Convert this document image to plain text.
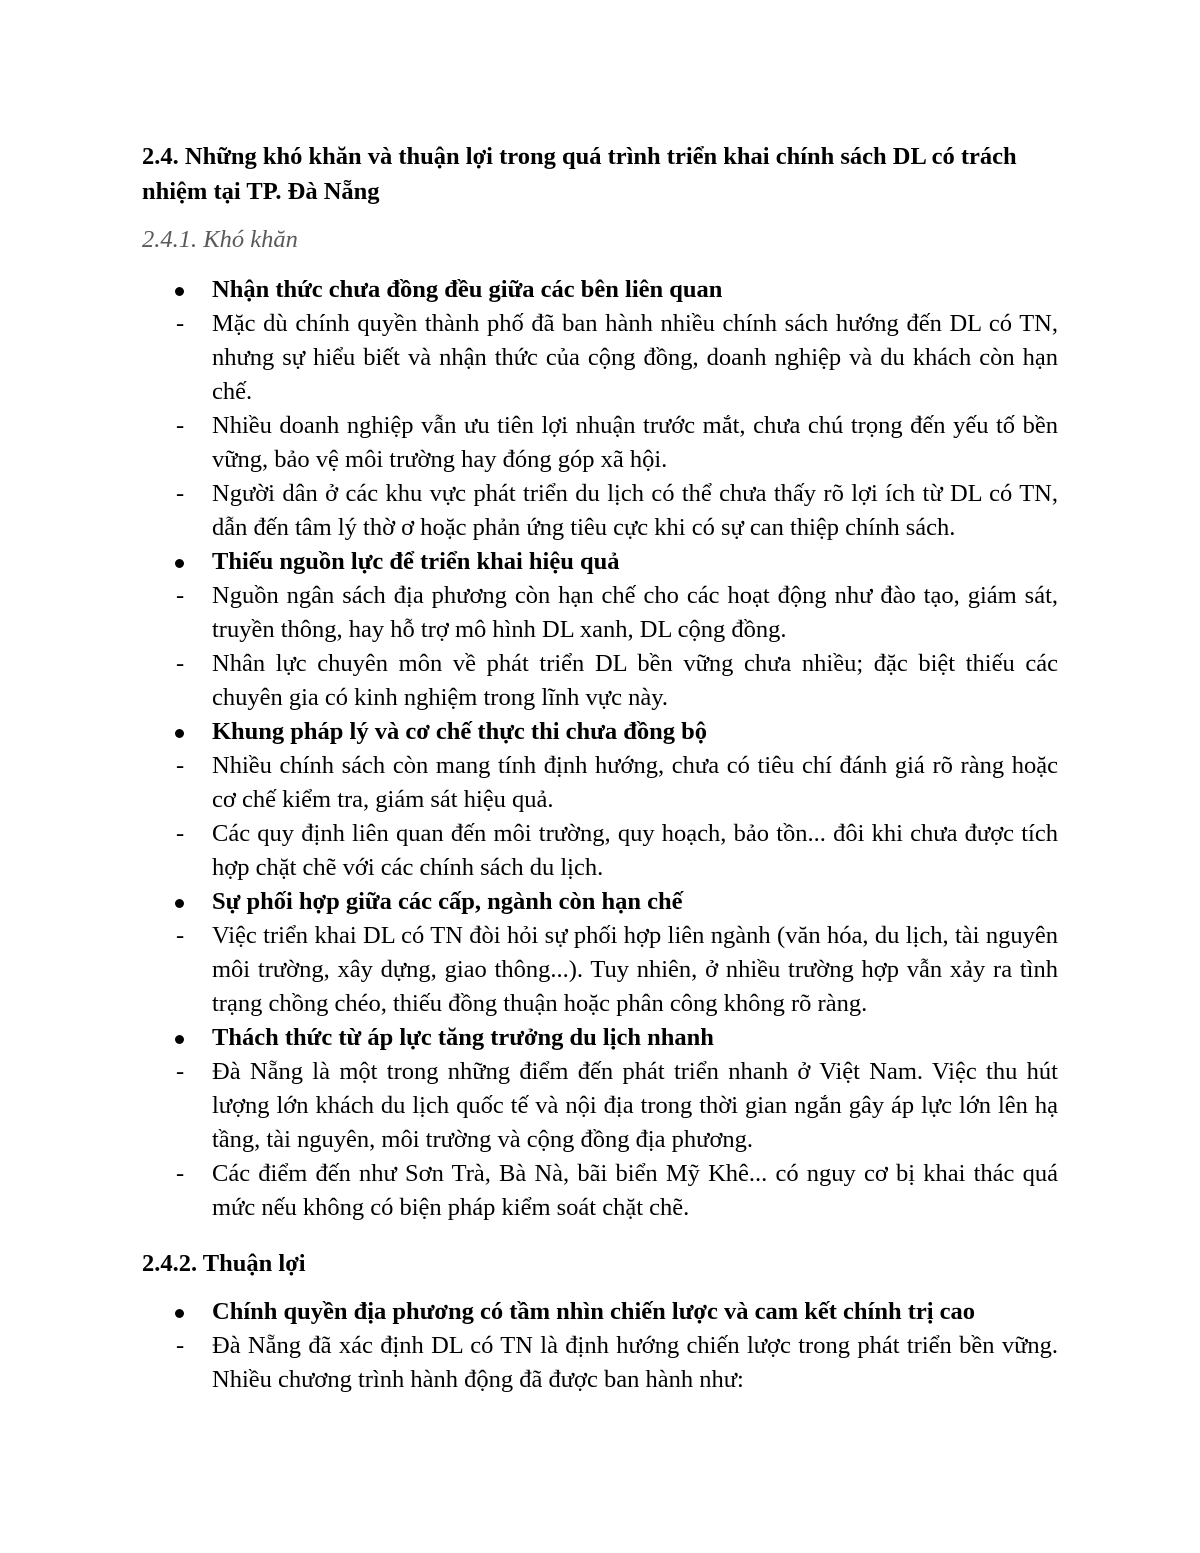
2.4. Những khó khăn và thuận lợi trong quá trình triển khai chính sách DL có trách nhiệm tại TP. Đà Nẵng

2.4.1. Khó khăn

Nhận thức chưa đồng đều giữa các bên liên quan
- Mặc dù chính quyền thành phố đã ban hành nhiều chính sách hướng đến DL có TN, nhưng sự hiểu biết và nhận thức của cộng đồng, doanh nghiệp và du khách còn hạn chế.
- Nhiều doanh nghiệp vẫn ưu tiên lợi nhuận trước mắt, chưa chú trọng đến yếu tố bền vững, bảo vệ môi trường hay đóng góp xã hội.
- Người dân ở các khu vực phát triển du lịch có thể chưa thấy rõ lợi ích từ DL có TN, dẫn đến tâm lý thờ ơ hoặc phản ứng tiêu cực khi có sự can thiệp chính sách.
Thiếu nguồn lực để triển khai hiệu quả
- Nguồn ngân sách địa phương còn hạn chế cho các hoạt động như đào tạo, giám sát, truyền thông, hay hỗ trợ mô hình DL xanh, DL cộng đồng.
- Nhân lực chuyên môn về phát triển DL bền vững chưa nhiều; đặc biệt thiếu các chuyên gia có kinh nghiệm trong lĩnh vực này.
Khung pháp lý và cơ chế thực thi chưa đồng bộ
- Nhiều chính sách còn mang tính định hướng, chưa có tiêu chí đánh giá rõ ràng hoặc cơ chế kiểm tra, giám sát hiệu quả.
- Các quy định liên quan đến môi trường, quy hoạch, bảo tồn... đôi khi chưa được tích hợp chặt chẽ với các chính sách du lịch.
Sự phối hợp giữa các cấp, ngành còn hạn chế
- Việc triển khai DL có TN đòi hỏi sự phối hợp liên ngành (văn hóa, du lịch, tài nguyên môi trường, xây dựng, giao thông...). Tuy nhiên, ở nhiều trường hợp vẫn xảy ra tình trạng chồng chéo, thiếu đồng thuận hoặc phân công không rõ ràng.
Thách thức từ áp lực tăng trưởng du lịch nhanh
- Đà Nẵng là một trong những điểm đến phát triển nhanh ở Việt Nam. Việc thu hút lượng lớn khách du lịch quốc tế và nội địa trong thời gian ngắn gây áp lực lớn lên hạ tầng, tài nguyên, môi trường và cộng đồng địa phương.
- Các điểm đến như Sơn Trà, Bà Nà, bãi biển Mỹ Khê... có nguy cơ bị khai thác quá mức nếu không có biện pháp kiểm soát chặt chẽ.

2.4.2. Thuận lợi

Chính quyền địa phương có tầm nhìn chiến lược và cam kết chính trị cao
- Đà Nẵng đã xác định DL có TN là định hướng chiến lược trong phát triển bền vững. Nhiều chương trình hành động đã được ban hành như:
